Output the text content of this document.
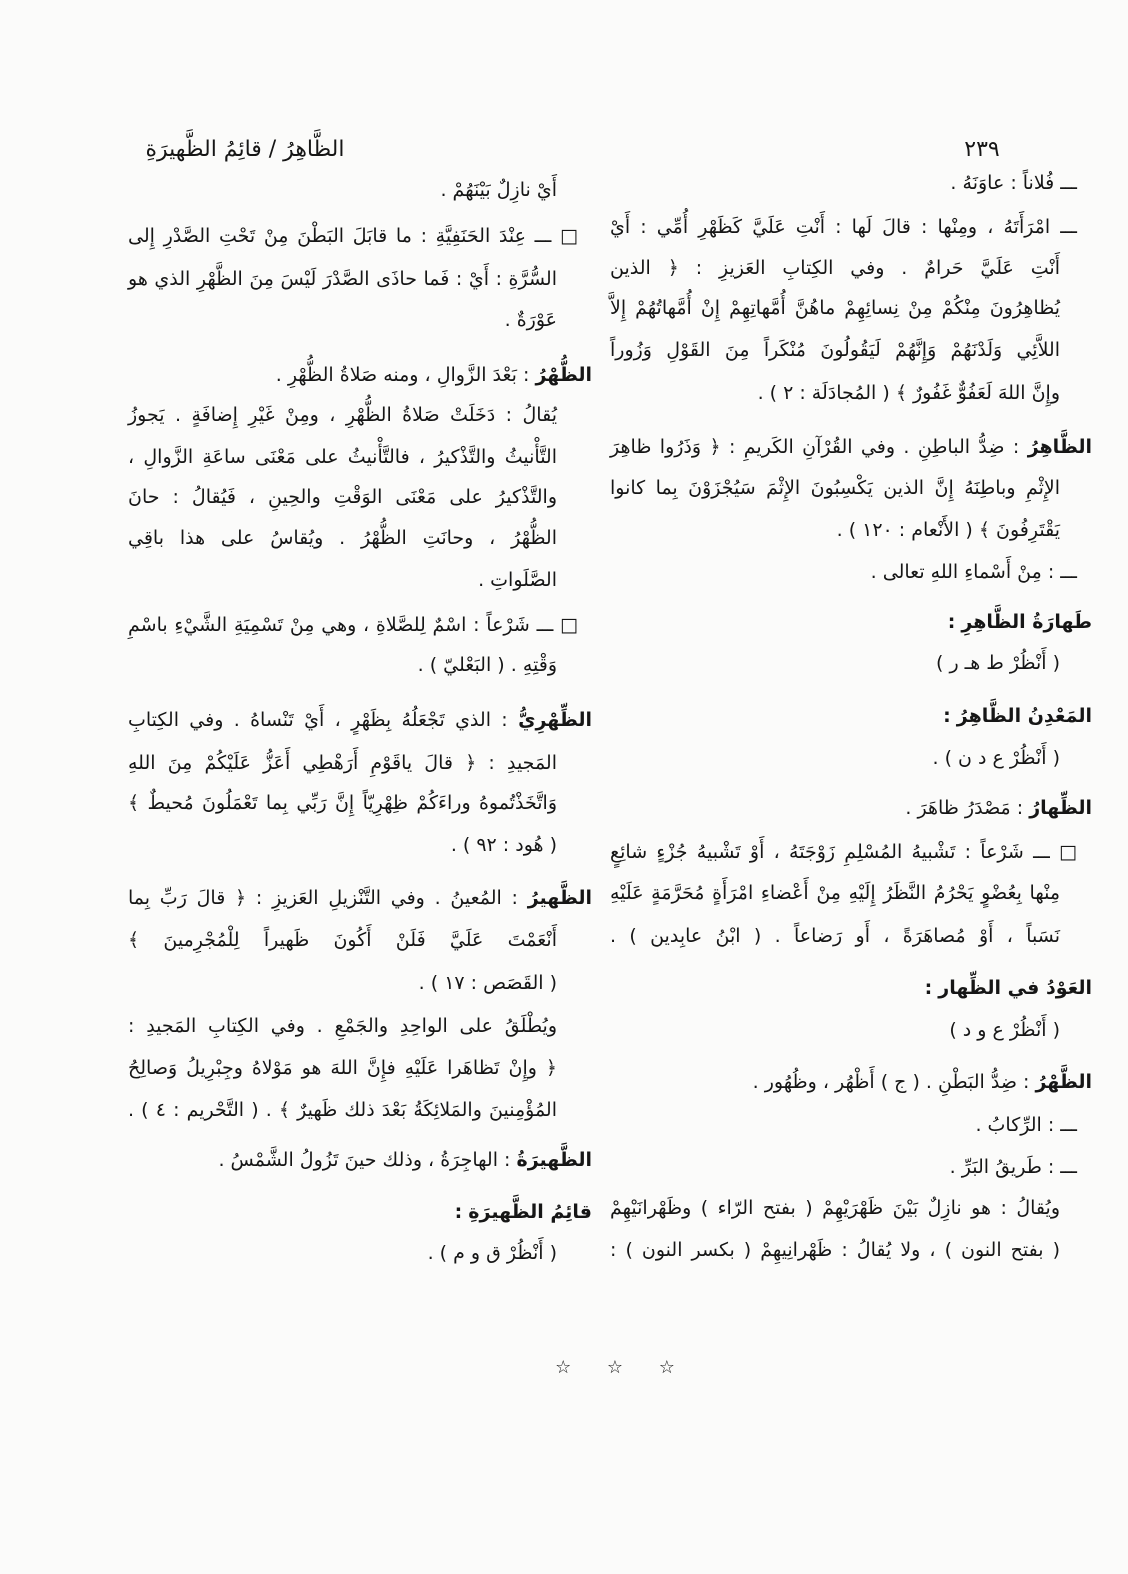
٢٣٩
الظَّاهِرُ / قائِمُ الظَّهيرَةِ
ـــ فُلاناً : عاوَنَهُ .
ـــ امْرَأَتَهُ ، ومِنْها : قالَ لَها : أَنْتِ عَلَيَّ كَظَهْرِ أُمِّي : أَيْ
أَنْتِ عَلَيَّ حَرامٌ . وفي الكِتابِ العَزيزِ : ﴿ الذين
يُظاهِرُونَ مِنْكُمْ مِنْ نِسائِهِمْ ماهُنَّ أُمَّهاتِهِمْ إِنْ أُمَّهاتُهُمْ إِلاَّ
اللاَّئِي وَلَدْنَهُمْ وَإِنَّهُمْ لَيَقُولُونَ مُنْكَراً مِنَ القَوْلِ وَزُوراً
وإِنَّ اللهَ لَعَفُوٌّ غَفُورٌ ﴾ ( المُجادَلَة : ٢ ) .
الظَّاهِرُ : ضِدُّ الباطِنِ . وفي القُرْآنِ الكَريمِ : ﴿ وَذَرُوا ظاهِرَ
الإِثْمِ وباطِنَهُ إِنَّ الذين يَكْسِبُونَ الإِثْمَ سَيُجْزَوْنَ بِما كانوا
يَقْتَرِفُونَ ﴾ ( الأَنْعام : ١٢٠ ) .
ـــ : مِنْ أَسْماءِ اللهِ تعالى .
طَهارَةُ الظَّاهِرِ :
( أَنْظُرْ ط هـ ر )
المَعْدِنُ الظَّاهِرُ :
( أَنْظُرْ ع د ن ) .
الظِّهارُ : مَصْدَرُ ظاهَرَ .
□ ـــ شَرْعاً : تَشْبيهُ المُسْلِمِ زَوْجَتَهُ ، أَوْ تَشْبيهُ جُزْءٍ شائِعٍ
مِنْها بِعُضْوٍ يَحْرُمُ النَّظَرُ إِلَيْهِ مِنْ أَعْضاءِ امْرَأَةٍ مُحَرَّمَةٍ عَلَيْهِ
نَسَباً ، أَوْ مُصاهَرَةً ، أَو رَضاعاً . ( ابْنُ عابِدين ) .
العَوْدُ في الظِّهار :
( أَنْظُرْ ع و د )
الظَّهْرُ : ضِدُّ البَطْنِ . ( ج ) أَظْهُر ، وظُهُور .
ـــ : الرِّكابُ .
ـــ : طَريقُ البَرِّ .
ويُقالُ : هو نازِلٌ بَيْنَ ظَهْرَيْهِمْ ( بفتح الرّاء ) وظَهْرانَيْهِمْ
( بفتح النون ) ، ولا يُقالُ : ظَهْرانِيهِمْ ( بكسر النون ) :
أَيْ نازِلٌ بَيْنَهُمْ .
□ ـــ عِنْدَ الحَنَفِيَّةِ : ما قابَلَ البَطْنَ مِنْ تَحْتِ الصَّدْرِ إِلى
السُّرَّةِ : أَيْ : فَما حاذَى الصَّدْرَ لَيْسَ مِنَ الظَّهْرِ الذي هو
عَوْرَةٌ .
الظُّهْرُ : بَعْدَ الزَّوالِ ، ومنه صَلاةُ الظُّهْرِ .
يُقالُ : دَخَلَتْ صَلاةُ الظُّهْرِ ، ومِنْ غَيْرِ إِضافَةٍ . يَجوزُ
التَّأْنيثُ والتَّذْكيرُ ، فالتَّأْنيثُ على مَعْنَى ساعَةِ الزَّوالِ ،
والتَّذْكيرُ على مَعْنَى الوَقْتِ والحِينِ ، فَيُقالُ : حانَ
الظُّهْرُ ، وحانَتِ الظُّهْرُ . ويُقاسُ على هذا باقِي
الصَّلَواتِ .
□ ـــ شَرْعاً : اسْمٌ لِلصَّلاةِ ، وهي مِنْ تَسْمِيَةِ الشَّيْءِ باسْمِ
وَقْتِهِ . ( البَعْليّ ) .
الظِّهْرِيُّ : الذي تَجْعَلُهُ بِظَهْرٍ ، أَيْ تَنْساهُ . وفي الكِتابِ
المَجيدِ : ﴿ قالَ ياقَوْمِ أَرَهْطِي أَعَزُّ عَلَيْكُمْ مِنَ اللهِ
وَاتَّخَذْتُموهُ وراءَكُمْ ظِهْرِيّاً إِنَّ رَبِّي بِما تَعْمَلُونَ مُحيطٌ ﴾
( هُود : ٩٢ ) .
الظَّهيرُ : المُعينُ . وفي التَّنْزيلِ العَزيزِ : ﴿ قالَ رَبِّ بِما
أَنْعَمْتَ عَلَيَّ فَلَنْ أَكُونَ ظَهيراً لِلْمُجْرِمينَ ﴾
( القَصَص : ١٧ ) .
ويُطْلَقُ على الواحِدِ والجَمْعِ . وفي الكِتابِ المَجيدِ :
﴿ وإِنْ تَظاهَرا عَلَيْهِ فإِنَّ اللهَ هو مَوْلاهُ وجِبْرِيلُ وَصالِحُ
المُؤْمِنينَ والمَلائِكَةُ بَعْدَ ذلك ظَهيرٌ ﴾ . ( التَّحْريم : ٤ ) .
الظَّهيرَةُ : الهاجِرَةُ ، وذلك حينَ تَزُولُ الشَّمْسُ .
قائِمُ الظَّهيرَةِ :
( أَنْظُرْ ق و م ) .
☆ ☆ ☆
